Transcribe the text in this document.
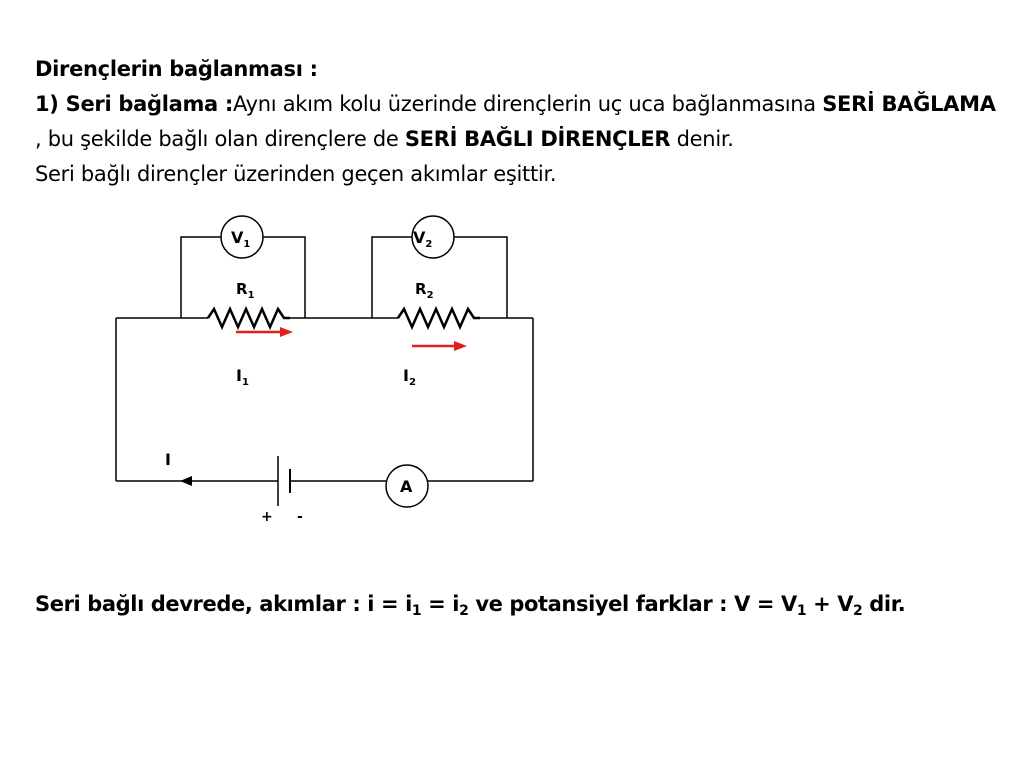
Dirençlerin bağlanması :

1) Seri bağlama :Aynı akım kolu üzerinde dirençlerin uç uca bağlanmasına SERİ BAĞLAMA , bu şekilde bağlı olan dirençlere de SERİ BAĞLI DİRENÇLER denir.

Seri bağlı dirençler üzerinden geçen akımlar eşittir.

$V_1$	$V_2$
$R_1$	$R_2$
$I_1$	$I_2$
I
+ -
A
Seri bağlı devrede, akımlar : $i = i_1 = i_2$ ve potansiyel farklar : $V = V_1 + V_2$ dir.
